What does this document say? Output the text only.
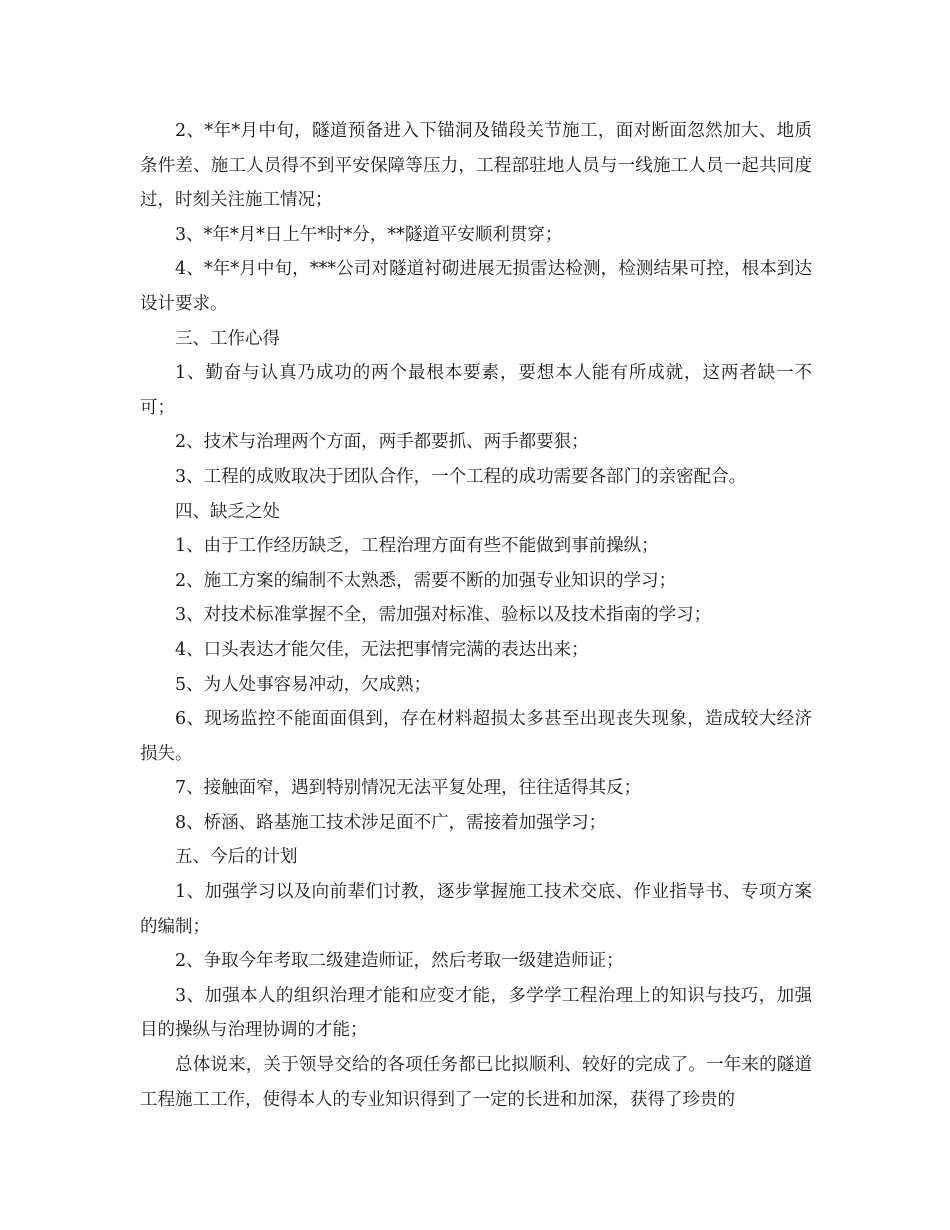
2、*年*月中旬，隧道预备进入下锚洞及锚段关节施工，面对断面忽然加大、地质条件差、施工人员得不到平安保障等压力，工程部驻地人员与一线施工人员一起共同度过，时刻关注施工情况；

3、*年*月*日上午*时*分，**隧道平安顺利贯穿；

4、*年*月中旬，***公司对隧道衬砌进展无损雷达检测，检测结果可控，根本到达设计要求。

三、工作心得

1、勤奋与认真乃成功的两个最根本要素，要想本人能有所成就，这两者缺一不可；

2、技术与治理两个方面，两手都要抓、两手都要狠；

3、工程的成败取决于团队合作，一个工程的成功需要各部门的亲密配合。

四、缺乏之处

1、由于工作经历缺乏，工程治理方面有些不能做到事前操纵；

2、施工方案的编制不太熟悉，需要不断的加强专业知识的学习；

3、对技术标准掌握不全，需加强对标准、验标以及技术指南的学习；

4、口头表达才能欠佳，无法把事情完满的表达出来；

5、为人处事容易冲动，欠成熟；

6、现场监控不能面面俱到，存在材料超损太多甚至出现丧失现象，造成较大经济损失。

7、接触面窄，遇到特别情况无法平复处理，往往适得其反；

8、桥涵、路基施工技术涉足面不广，需接着加强学习；

五、今后的计划

1、加强学习以及向前辈们讨教，逐步掌握施工技术交底、作业指导书、专项方案的编制；

2、争取今年考取二级建造师证，然后考取一级建造师证；

3、加强本人的组织治理才能和应变才能，多学学工程治理上的知识与技巧，加强目的操纵与治理协调的才能；

总体说来，关于领导交给的各项任务都已比拟顺利、较好的完成了。一年来的隧道工程施工工作，使得本人的专业知识得到了一定的长进和加深，获得了珍贵的
